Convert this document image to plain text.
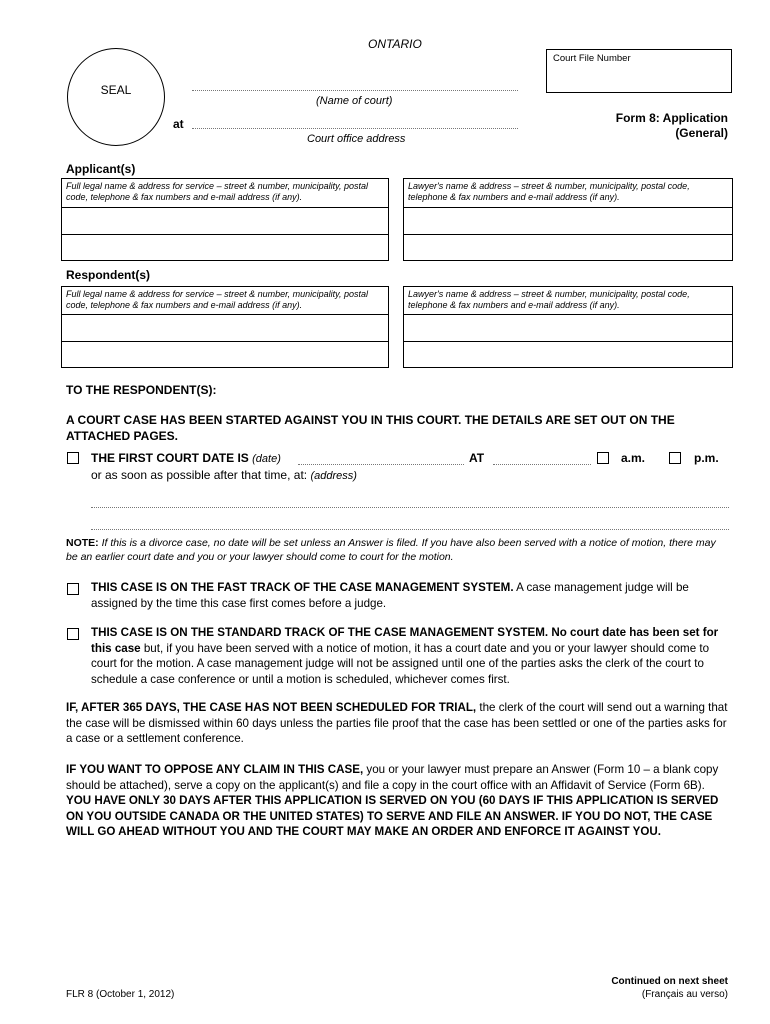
ONTARIO
Court File Number
SEAL
(Name of court)
at
Court office address
Form 8: Application
(General)
Applicant(s)
Full legal name & address for service – street & number, municipality, postal code, telephone & fax numbers and e-mail address (if any).
Lawyer's name & address – street & number, municipality, postal code, telephone & fax numbers and e-mail address (if any).
Respondent(s)
Full legal name & address for service – street & number, municipality, postal code, telephone & fax numbers and e-mail address (if any).
Lawyer's name & address – street & number, municipality, postal code, telephone & fax numbers and e-mail address (if any).
TO THE RESPONDENT(S):
A COURT CASE HAS BEEN STARTED AGAINST YOU IN THIS COURT. THE DETAILS ARE SET OUT ON THE ATTACHED PAGES.
THE FIRST COURT DATE IS (date)	AT	a.m.	p.m.
or as soon as possible after that time, at: (address)
NOTE: If this is a divorce case, no date will be set unless an Answer is filed. If you have also been served with a notice of motion, there may be an earlier court date and you or your lawyer should come to court for the motion.
THIS CASE IS ON THE FAST TRACK OF THE CASE MANAGEMENT SYSTEM. A case management judge will be assigned by the time this case first comes before a judge.
THIS CASE IS ON THE STANDARD TRACK OF THE CASE MANAGEMENT SYSTEM. No court date has been set for this case but, if you have been served with a notice of motion, it has a court date and you or your lawyer should come to court for the motion. A case management judge will not be assigned until one of the parties asks the clerk of the court to schedule a case conference or until a motion is scheduled, whichever comes first.
IF, AFTER 365 DAYS, THE CASE HAS NOT BEEN SCHEDULED FOR TRIAL, the clerk of the court will send out a warning that the case will be dismissed within 60 days unless the parties file proof that the case has been settled or one of the parties asks for a case or a settlement conference.
IF YOU WANT TO OPPOSE ANY CLAIM IN THIS CASE, you or your lawyer must prepare an Answer (Form 10 – a blank copy should be attached), serve a copy on the applicant(s) and file a copy in the court office with an Affidavit of Service (Form 6B). YOU HAVE ONLY 30 DAYS AFTER THIS APPLICATION IS SERVED ON YOU (60 DAYS IF THIS APPLICATION IS SERVED ON YOU OUTSIDE CANADA OR THE UNITED STATES) TO SERVE AND FILE AN ANSWER. IF YOU DO NOT, THE CASE WILL GO AHEAD WITHOUT YOU AND THE COURT MAY MAKE AN ORDER AND ENFORCE IT AGAINST YOU.
FLR 8 (October 1, 2012)
Continued on next sheet
(Français au verso)
